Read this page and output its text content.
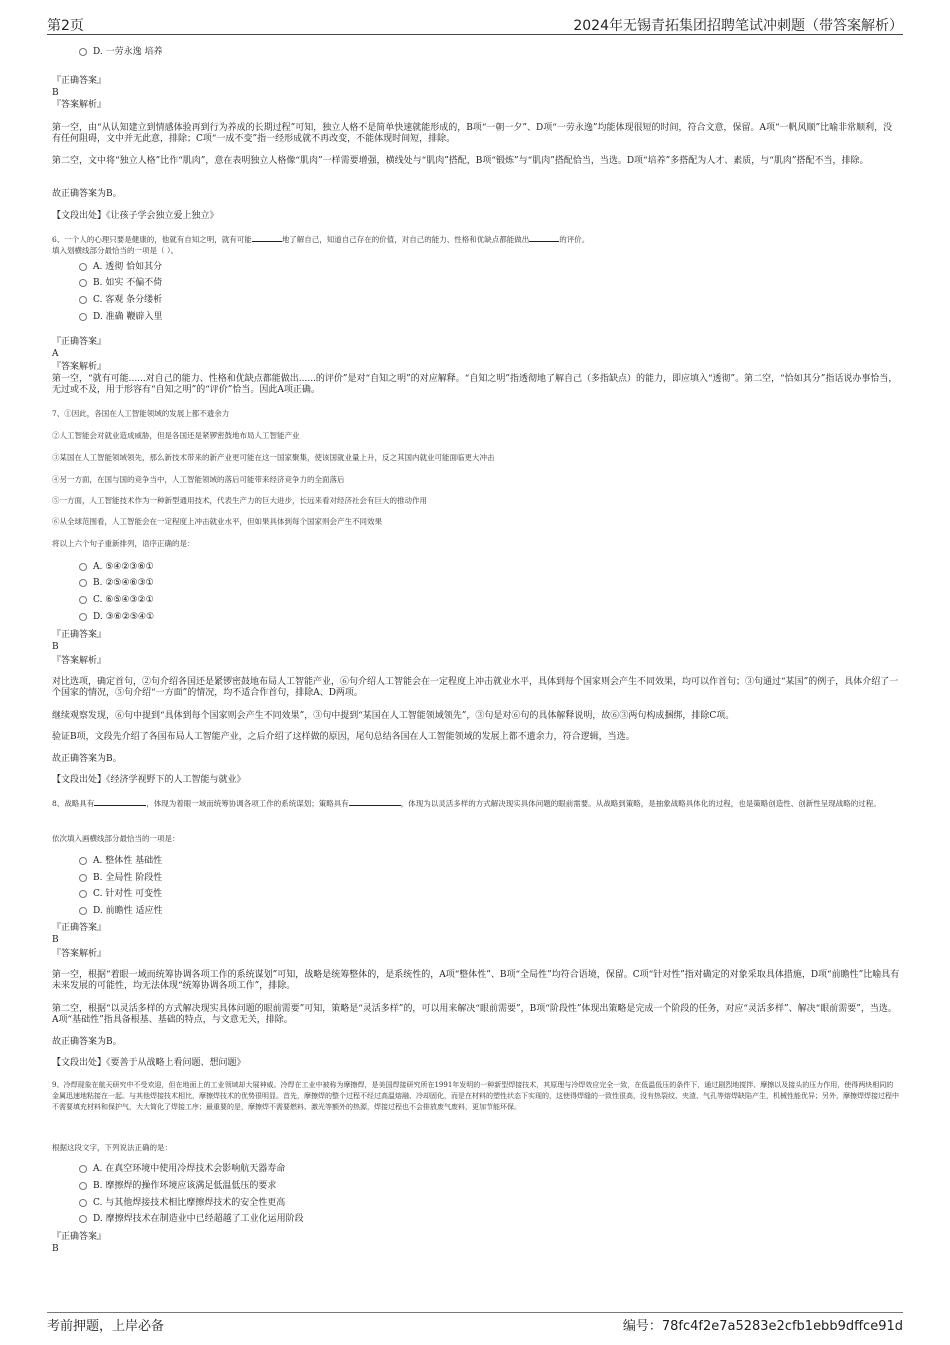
第2页	2024年无锡青拓集团招聘笔试冲刺题（带答案解析）
D. 一劳永逸 培养

『正确答案』

B

『答案解析』

第一空，由“从认知建立到情感体验再到行为养成的长期过程”可知，独立人格不是简单快速就能形成的，B项“一朝一夕”、D项“一劳永逸”均能体现很短的时间，符合文意，保留。A项“一帆风顺”比喻非常顺利，没有任何阻碍，文中并无此意，排除；C项“一成不变”指一经形成就不再改变，不能体现时间短，排除。

第二空，文中将“独立人格”比作“肌肉”，意在表明独立人格像“肌肉”一样需要增强，横线处与“肌肉”搭配，B项“锻炼”与“肌肉”搭配恰当，当选。D项“培养”多搭配为人才、素质，与“肌肉”搭配不当，排除。

故正确答案为B。

【文段出处】《让孩子学会独立爱上独立》

6、一个人的心理只要是健康的，他就有自知之明，就有可能	地了解自己，知道自己存在的价值，对自己的能力、性格和优缺点都能做出	的评价。

填入划横线部分最恰当的一项是（ ）。

A. 透彻 恰如其分
B. 如实 不偏不倚
C. 客观 条分缕析
D. 准确 鞭辟入里

『正确答案』

A

『答案解析』

第一空，“就有可能......对自己的能力、性格和优缺点都能做出......的评价”是对“自知之明”的对应解释。“自知之明”指透彻地了解自己（多指缺点）的能力，即应填入“透彻”。第二空，“恰如其分”指话说办事恰当，无过或不及，用于形容有“自知之明”的“评价”恰当。因此A项正确。

7、①因此，各国在人工智能领域的发展上都不遗余力

②人工智能会对就业造成威胁，但是各国还是紧锣密鼓地布局人工智能产业

③某国在人工智能领域领先，那么新技术带来的新产业更可能在这一国家聚集，使该国就业量上升，反之其国内就业可能面临更大冲击

④另一方面，在国与国的竞争当中，人工智能领域的落后可能带来经济竞争力的全面落后

⑤一方面，人工智能技术作为一种新型通用技术，代表生产力的巨大进步，长远来看对经济社会有巨大的推动作用

⑥从全球范围看，人工智能会在一定程度上冲击就业水平，但如果具体到每个国家则会产生不同效果

将以上六个句子重新排列，语序正确的是：

A. ⑤④②③⑥①
B. ②⑤④⑥③①
C. ⑥⑤④③②①
D. ③⑥②⑤④①

『正确答案』

B

『答案解析』

对比选项，确定首句，②句介绍各国还是紧锣密鼓地布局人工智能产业，⑥句介绍人工智能会在一定程度上冲击就业水平，具体到每个国家则会产生不同效果，均可以作首句；③句通过“某国”的例子，具体介绍了一个国家的情况，⑤句介绍“一方面”的情况，均不适合作首句，排除A、D两项。

继续观察发现，⑥句中提到“具体到每个国家则会产生不同效果”，③句中提到“某国在人工智能领域领先”，③句是对⑥句的具体解释说明，故⑥③两句构成捆绑，排除C项。

验证B项，文段先介绍了各国布局人工智能产业，之后介绍了这样做的原因，尾句总结各国在人工智能领域的发展上都不遗余力，符合逻辑，当选。

故正确答案为B。

【文段出处】《经济学视野下的人工智能与就业》

8、战略具有	，体现为着眼一域而统筹协调各项工作的系统谋划；策略具有	，体现为以灵活多样的方式解决现实具体问题的眼前需要。从战略到策略，是抽象战略具体化的过程，也是策略创造性、创新性呈现战略的过程。

依次填入画横线部分最恰当的一项是：

A. 整体性 基础性
B. 全局性 阶段性
C. 针对性 可变性
D. 前瞻性 适应性

『正确答案』

B

『答案解析』

第一空，根据“着眼一域而统筹协调各项工作的系统谋划”可知，战略是统筹整体的，是系统性的，A项“整体性”、B项“全局性”均符合语境，保留。C项“针对性”指对确定的对象采取具体措施，D项“前瞻性”比喻具有未来发展的可能性，均无法体现“统筹协调各项工作”，排除。

第二空，根据“以灵活多样的方式解决现实具体问题的眼前需要”可知，策略是“灵活多样”的，可以用来解决“眼前需要”，B项“阶段性”体现出策略是完成一个阶段的任务，对应“灵活多样”、解决“眼前需要”，当选。A项“基础性”指具备根基、基础的特点，与文意无关，排除。

故正确答案为B。

【文段出处】《要善于从战略上看问题、想问题》

9、冷焊现象在航天研究中不受欢迎，但在地面上的工业领域却大展神威。冷焊在工业中被称为摩擦焊，是美国焊接研究所在1991年发明的一种新型焊接技术，其原理与冷焊效应完全一致，在低温低压的条件下，通过剧烈地搅拌、摩擦以及接头的压力作用，使得两块相同的金属迅速地粘接在一起。与其他焊接技术相比，摩擦焊技术的优势很明显。首先，摩擦焊的整个过程不经过高温熔融、冷却固化，而是在材料的塑性状态下实现的，这使得焊缝的一致性很高，没有热裂纹、夹渣、气孔等熔焊缺陷产生，机械性能优异；另外，摩擦焊焊接过程中不需要填充材料和保护气，大大简化了焊接工序；最重要的是，摩擦焊不需要燃料、激光等额外的热源，焊接过程也不会排放废气废料，更加节能环保。

根据这段文字，下列说法正确的是：

A. 在真空环境中使用冷焊技术会影响航天器寿命
B. 摩擦焊的操作环境应该满足低温低压的要求
C. 与其他焊接技术相比摩擦焊技术的安全性更高
D. 摩擦焊技术在制造业中已经超越了工业化运用阶段

『正确答案』

B

考前押题，上岸必备	编号：78fc4f2e7a5283e2cfb1ebb9dffce91d
